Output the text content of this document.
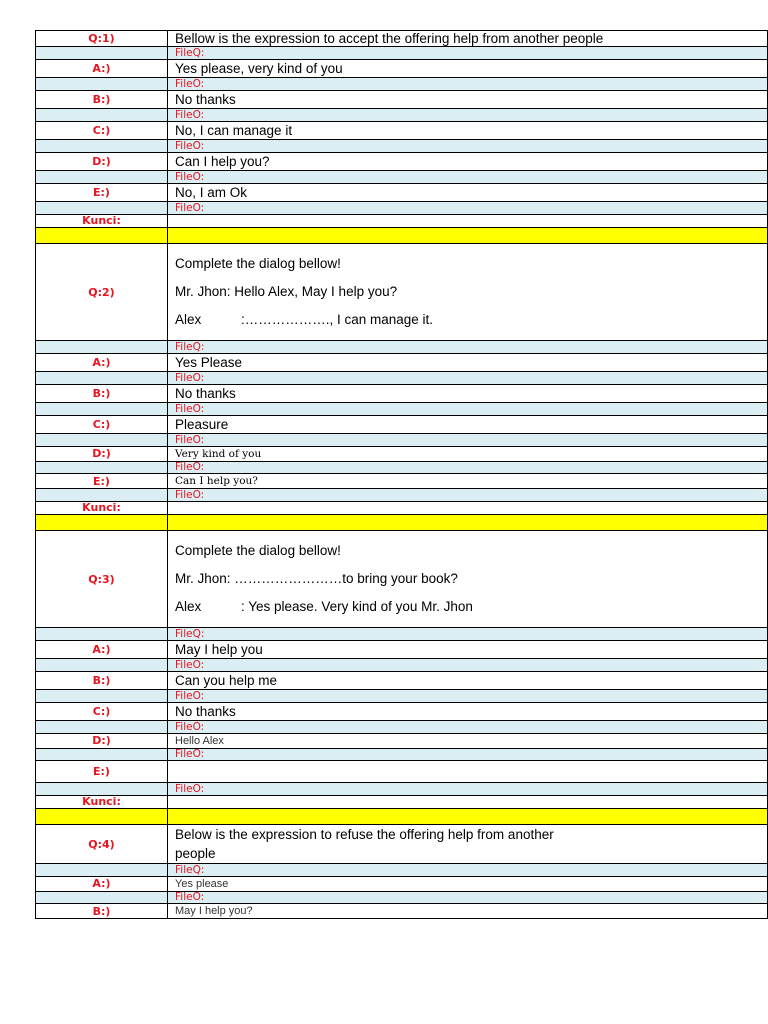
Q:1)	Bellow is the expression to accept the offering help from another people
FileQ:
A:)	Yes please, very kind of you
FileO:
B:)	No thanks
FileO:
C:)	No, I can manage it
FileO:
D:)	Can I help you?
FileO:
E:)	No, I am Ok
FileO:
Kunci:
Q:2)
Complete the dialog bellow!
Mr. Jhon: Hello Alex, May I help you?
Alex	:………………., I can manage it.
FileQ:
A:)	Yes Please
FileO:
B:)	No thanks
FileO:
C:)	Pleasure
FileO:
D:)	Very kind of you
FileO:
E:)	Can I help you?
FileO:
Kunci:
Q:3)
Complete the dialog bellow!
Mr. Jhon: ……………………to bring your book?
Alex	: Yes please. Very kind of you Mr. Jhon
FileQ:
A:)	May I help you
FileO:
B:)	Can you help me
FileO:
C:)	No thanks
FileO:
D:)	Hello Alex
FileO:
E:)
FileO:
Kunci:
Q:4)
Below is the expression to refuse the offering help from another
people
FileQ:
A:)	Yes please
FileO:
B:)	May I help you?
